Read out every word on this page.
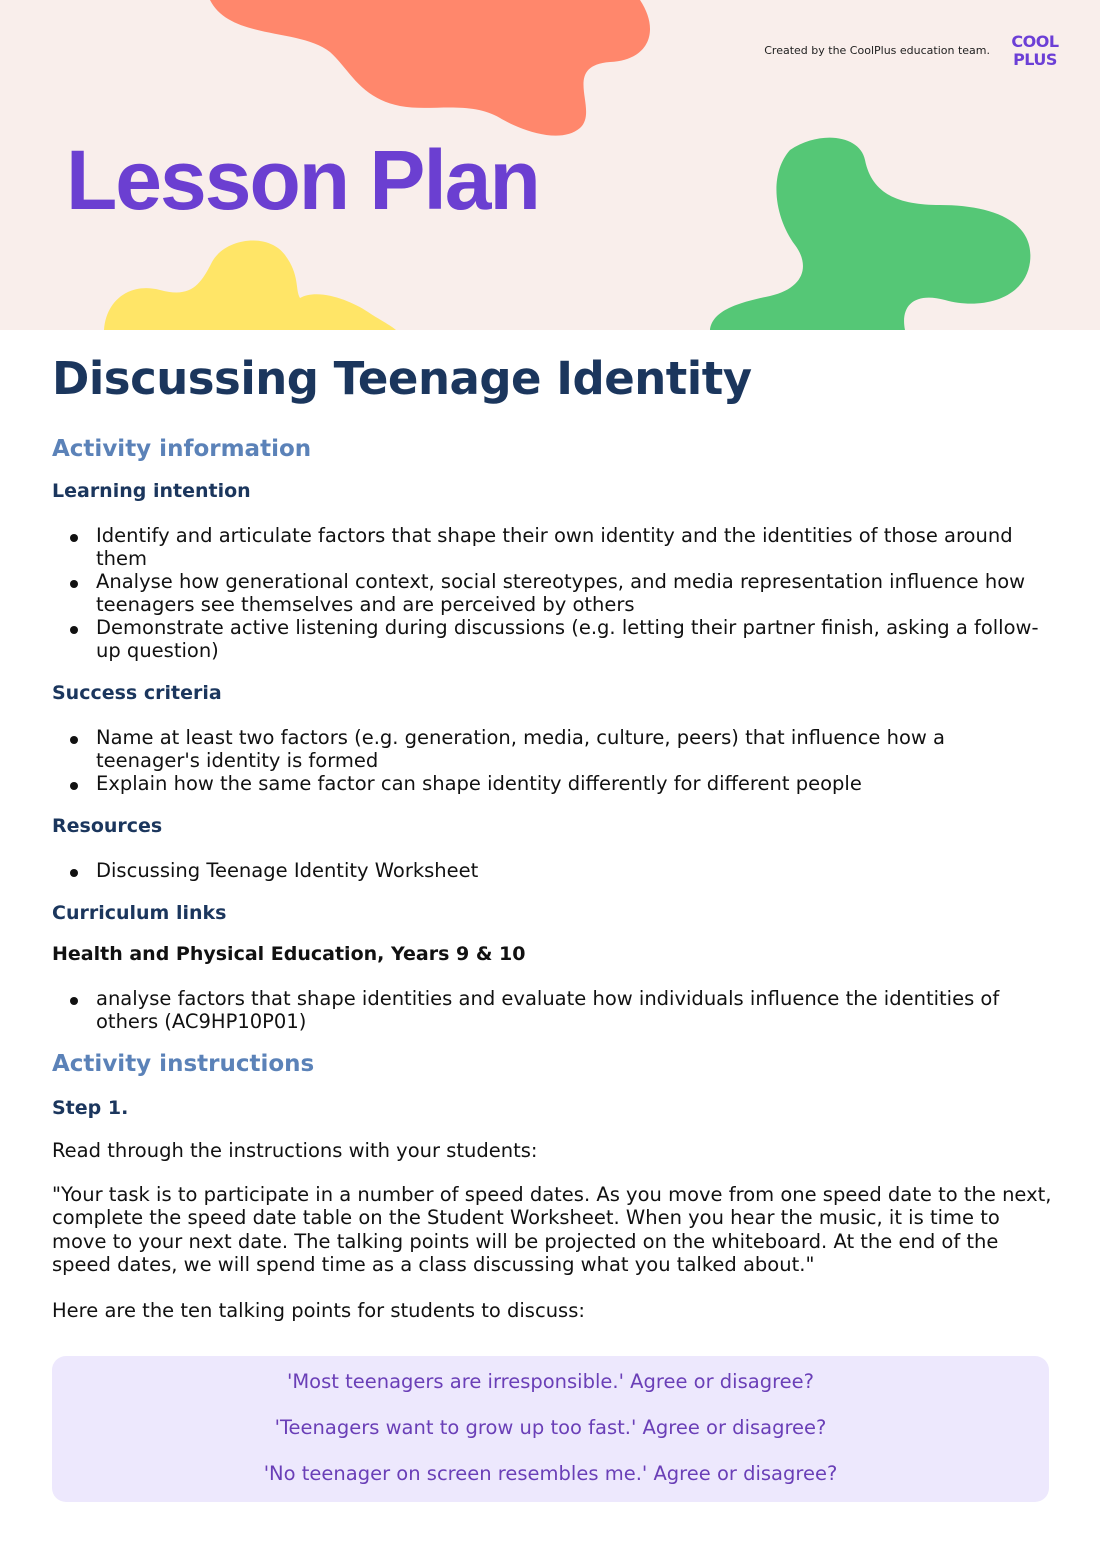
Created by the CoolPlus education team.	COOL
PLUS
Lesson Plan
Discussing Teenage Identity
Activity information
Learning intention
Identify and articulate factors that shape their own identity and the identities of those around them
Analyse how generational context, social stereotypes, and media representation influence how teenagers see themselves and are perceived by others
Demonstrate active listening during discussions (e.g. letting their partner finish, asking a follow-up question)
Success criteria
Name at least two factors (e.g. generation, media, culture, peers) that influence how a teenager's identity is formed
Explain how the same factor can shape identity differently for different people
Resources
Discussing Teenage Identity Worksheet
Curriculum links
Health and Physical Education, Years 9 & 10
analyse factors that shape identities and evaluate how individuals influence the identities of others (AC9HP10P01)
Activity instructions
Step 1.

Read through the instructions with your students:

"Your task is to participate in a number of speed dates. As you move from one speed date to the next, complete the speed date table on the Student Worksheet. When you hear the music, it is time to move to your next date. The talking points will be projected on the whiteboard. At the end of the speed dates, we will spend time as a class discussing what you talked about."

Here are the ten talking points for students to discuss:

'Most teenagers are irresponsible.' Agree or disagree?

'Teenagers want to grow up too fast.' Agree or disagree?

'No teenager on screen resembles me.' Agree or disagree?
